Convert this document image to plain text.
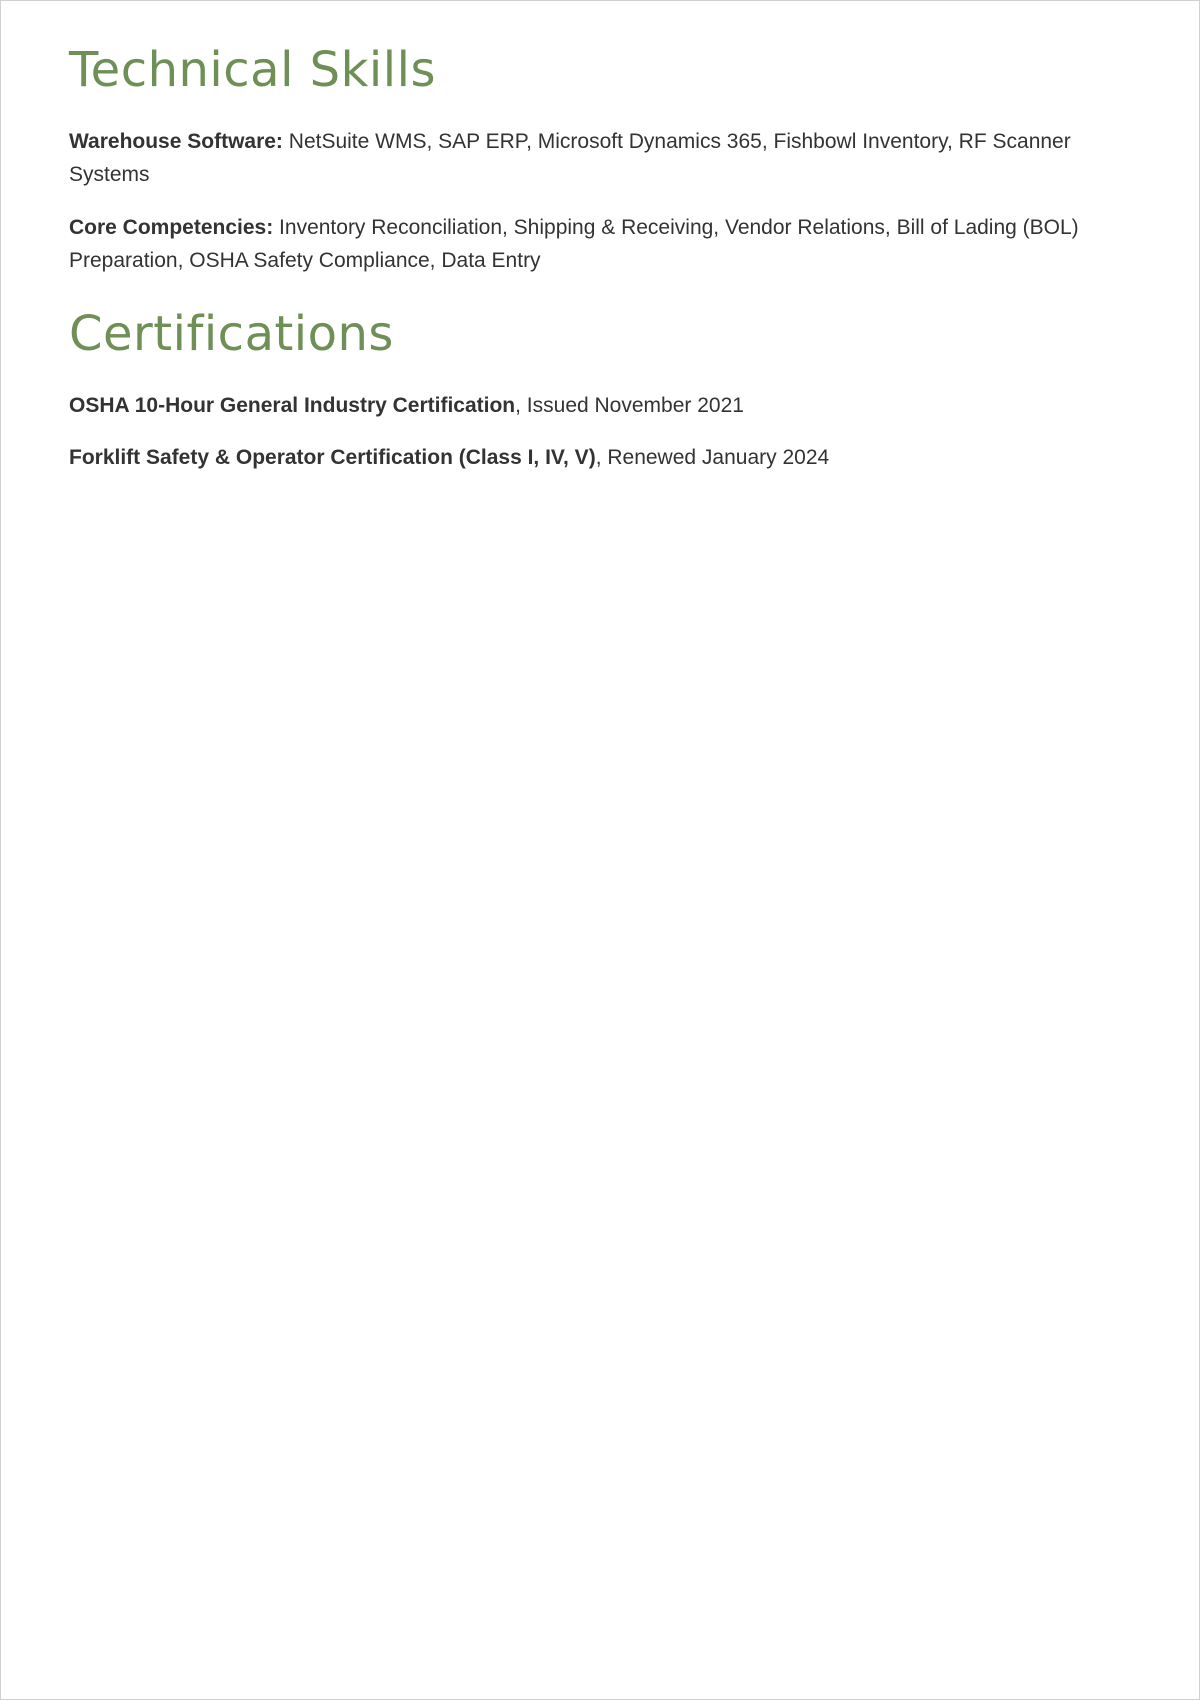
Technical Skills

Warehouse Software: NetSuite WMS, SAP ERP, Microsoft Dynamics 365, Fishbowl Inventory, RF Scanner Systems

Core Competencies: Inventory Reconciliation, Shipping & Receiving, Vendor Relations, Bill of Lading (BOL) Preparation, OSHA Safety Compliance, Data Entry

Certifications

OSHA 10-Hour General Industry Certification, Issued November 2021

Forklift Safety & Operator Certification (Class I, IV, V), Renewed January 2024
